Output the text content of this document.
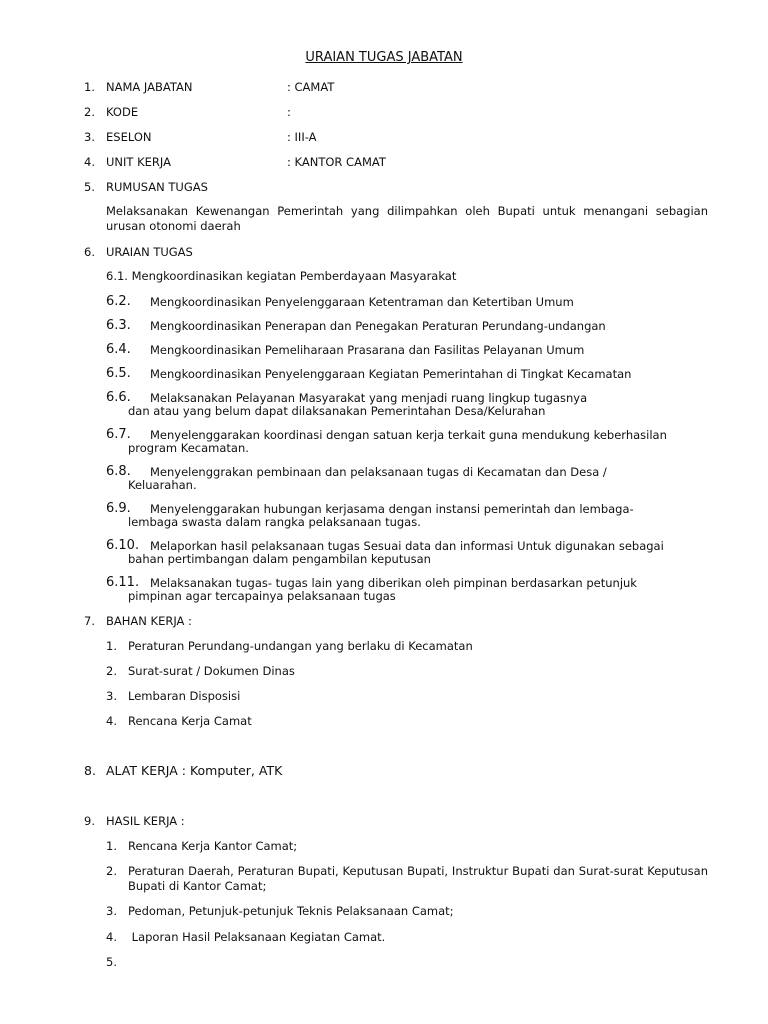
URAIAN TUGAS JABATAN
1. NAMA JABATAN	: CAMAT
2. KODE	:
3. ESELON	: III-A
4. UNIT KERJA	: KANTOR CAMAT
5. RUMUSAN TUGAS
Melaksanakan Kewenangan Pemerintah yang dilimpahkan oleh Bupati untuk menangani sebagian urusan otonomi daerah
6. URAIAN TUGAS
6.1. Mengkoordinasikan kegiatan Pemberdayaan Masyarakat
6.2. Mengkoordinasikan Penyelenggaraan Ketentraman dan Ketertiban Umum
6.3. Mengkoordinasikan Penerapan dan Penegakan Peraturan Perundang-undangan
6.4. Mengkoordinasikan Pemeliharaan Prasarana dan Fasilitas Pelayanan Umum
6.5. Mengkoordinasikan Penyelenggaraan Kegiatan Pemerintahan di Tingkat Kecamatan
6.6. Melaksanakan Pelayanan Masyarakat yang menjadi ruang lingkup tugasnya
dan atau yang belum dapat dilaksanakan Pemerintahan Desa/Kelurahan
6.7. Menyelenggarakan koordinasi dengan satuan kerja terkait guna mendukung keberhasilan
program Kecamatan.
6.8. Menyelenggrakan pembinaan dan pelaksanaan tugas di Kecamatan dan Desa /
Keluarahan.
6.9. Menyelenggarakan hubungan kerjasama dengan instansi pemerintah dan lembaga-
lembaga swasta dalam rangka pelaksanaan tugas.
6.10. Melaporkan hasil pelaksanaan tugas Sesuai data dan informasi Untuk digunakan sebagai
bahan pertimbangan dalam pengambilan keputusan
6.11. Melaksanakan tugas- tugas lain yang diberikan oleh pimpinan berdasarkan petunjuk
pimpinan agar tercapainya pelaksanaan tugas
7. BAHAN KERJA :
1. Peraturan Perundang-undangan yang berlaku di Kecamatan
2. Surat-surat / Dokumen Dinas
3. Lembaran Disposisi
4. Rencana Kerja Camat
8. ALAT KERJA : Komputer, ATK
9. HASIL KERJA :
1. Rencana Kerja Kantor Camat;
2. Peraturan Daerah, Peraturan Bupati, Keputusan Bupati, Instruktur Bupati dan Surat-surat Keputusan Bupati di Kantor Camat;
3. Pedoman, Petunjuk-petunjuk Teknis Pelaksanaan Camat;
4. Laporan Hasil Pelaksanaan Kegiatan Camat.
5.
